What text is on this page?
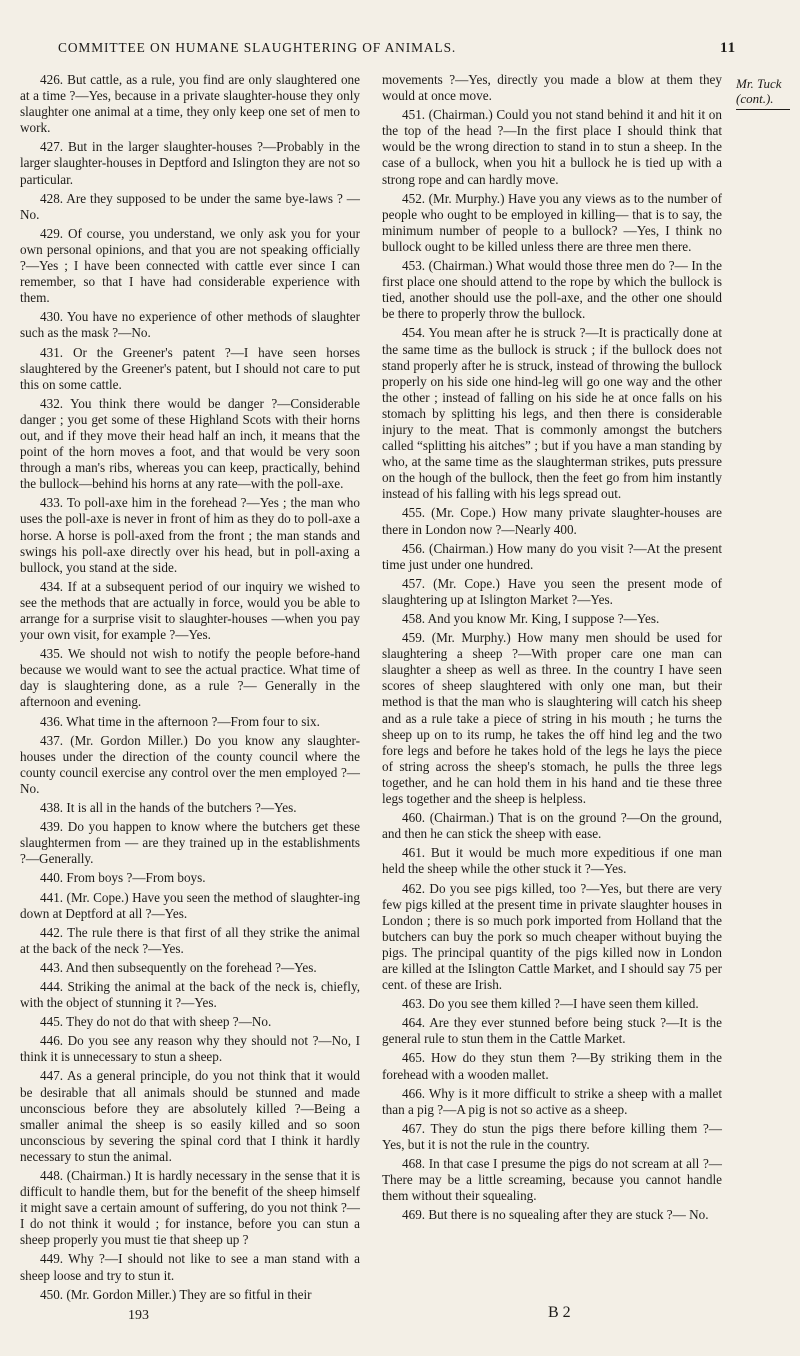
COMMITTEE ON HUMANE SLAUGHTERING OF ANIMALS.	11

426. But cattle, as a rule, you find are only slaughtered one at a time ?—Yes, because in a private slaughter-house they only slaughter one animal at a time, they only keep one set of men to work.

427. But in the larger slaughter-houses ?—Probably in the larger slaughter-houses in Deptford and Islington they are not so particular.

428. Are they supposed to be under the same bye-laws ? —No.

429. Of course, you understand, we only ask you for your own personal opinions, and that you are not speaking officially ?—Yes ; I have been connected with cattle ever since I can remember, so that I have had considerable experience with them.

430. You have no experience of other methods of slaughter such as the mask ?—No.

431. Or the Greener's patent ?—I have seen horses slaughtered by the Greener's patent, but I should not care to put this on some cattle.

432. You think there would be danger ?—Considerable danger ; you get some of these Highland Scots with their horns out, and if they move their head half an inch, it means that the point of the horn moves a foot, and that would be very soon through a man's ribs, whereas you can keep, practically, behind the bullock—behind his horns at any rate—with the poll-axe.

433. To poll-axe him in the forehead ?—Yes ; the man who uses the poll-axe is never in front of him as they do to poll-axe a horse. A horse is poll-axed from the front ; the man stands and swings his poll-axe directly over his head, but in poll-axing a bullock, you stand at the side.

434. If at a subsequent period of our inquiry we wished to see the methods that are actually in force, would you be able to arrange for a surprise visit to slaughter-houses —when you pay your own visit, for example ?—Yes.

435. We should not wish to notify the people before-hand because we would want to see the actual practice. What time of day is slaughtering done, as a rule ?— Generally in the afternoon and evening.

436. What time in the afternoon ?—From four to six.

437. (Mr. Gordon Miller.) Do you know any slaughter-houses under the direction of the county council where the county council exercise any control over the men employed ?—No.

438. It is all in the hands of the butchers ?—Yes.

439. Do you happen to know where the butchers get these slaughtermen from — are they trained up in the establishments ?—Generally.

440. From boys ?—From boys.

441. (Mr. Cope.) Have you seen the method of slaughter-ing down at Deptford at all ?—Yes.

442. The rule there is that first of all they strike the animal at the back of the neck ?—Yes.

443. And then subsequently on the forehead ?—Yes.

444. Striking the animal at the back of the neck is, chiefly, with the object of stunning it ?—Yes.

445. They do not do that with sheep ?—No.

446. Do you see any reason why they should not ?—No, I think it is unnecessary to stun a sheep.

447. As a general principle, do you not think that it would be desirable that all animals should be stunned and made unconscious before they are absolutely killed ?—Being a smaller animal the sheep is so easily killed and so soon unconscious by severing the spinal cord that I think it hardly necessary to stun the animal.

448. (Chairman.) It is hardly necessary in the sense that it is difficult to handle them, but for the benefit of the sheep himself it might save a certain amount of suffering, do you not think ?—I do not think it would ; for instance, before you can stun a sheep properly you must tie that sheep up ?

449. Why ?—I should not like to see a man stand with a sheep loose and try to stun it.

450. (Mr. Gordon Miller.) They are so fitful in their

movements ?—Yes, directly you made a blow at them they would at once move.

451. (Chairman.) Could you not stand behind it and hit it on the top of the head ?—In the first place I should think that would be the wrong direction to stand in to stun a sheep. In the case of a bullock, when you hit a bullock he is tied up with a strong rope and can hardly move.

452. (Mr. Murphy.) Have you any views as to the number of people who ought to be employed in killing— that is to say, the minimum number of people to a bullock? —Yes, I think no bullock ought to be killed unless there are three men there.

453. (Chairman.) What would those three men do ?— In the first place one should attend to the rope by which the bullock is tied, another should use the poll-axe, and the other one should be there to properly throw the bullock.

454. You mean after he is struck ?—It is practically done at the same time as the bullock is struck ; if the bullock does not stand properly after he is struck, instead of throwing the bullock properly on his side one hind-leg will go one way and the other the other ; instead of falling on his side he at once falls on his stomach by splitting his legs, and then there is considerable injury to the meat. That is commonly amongst the butchers called “splitting his aitches” ; but if you have a man standing by who, at the same time as the slaughterman strikes, puts pressure on the hough of the bullock, then the feet go from him instantly instead of his falling with his legs spread out.

455. (Mr. Cope.) How many private slaughter-houses are there in London now ?—Nearly 400.

456. (Chairman.) How many do you visit ?—At the present time just under one hundred.

457. (Mr. Cope.) Have you seen the present mode of slaughtering up at Islington Market ?—Yes.

458. And you know Mr. King, I suppose ?—Yes.

459. (Mr. Murphy.) How many men should be used for slaughtering a sheep ?—With proper care one man can slaughter a sheep as well as three. In the country I have seen scores of sheep slaughtered with only one man, but their method is that the man who is slaughtering will catch his sheep and as a rule take a piece of string in his mouth ; he turns the sheep up on to its rump, he takes the off hind leg and the two fore legs and before he takes hold of the legs he lays the piece of string across the sheep's stomach, he pulls the three legs together, and he can hold them in his hand and tie these three legs together and the sheep is helpless.

460. (Chairman.) That is on the ground ?—On the ground, and then he can stick the sheep with ease.

461. But it would be much more expeditious if one man held the sheep while the other stuck it ?—Yes.

462. Do you see pigs killed, too ?—Yes, but there are very few pigs killed at the present time in private slaughter houses in London ; there is so much pork imported from Holland that the butchers can buy the pork so much cheaper without buying the pigs. The principal quantity of the pigs killed now in London are killed at the Islington Cattle Market, and I should say 75 per cent. of these are Irish.

463. Do you see them killed ?—I have seen them killed.

464. Are they ever stunned before being stuck ?—It is the general rule to stun them in the Cattle Market.

465. How do they stun them ?—By striking them in the forehead with a wooden mallet.

466. Why is it more difficult to strike a sheep with a mallet than a pig ?—A pig is not so active as a sheep.

467. They do stun the pigs there before killing them ?— Yes, but it is not the rule in the country.

468. In that case I presume the pigs do not scream at all ?—There may be a little screaming, because you cannot handle them without their squealing.

469. But there is no squealing after they are stuck ?— No.

Mr. Tuck
(cont.).
193	B 2
